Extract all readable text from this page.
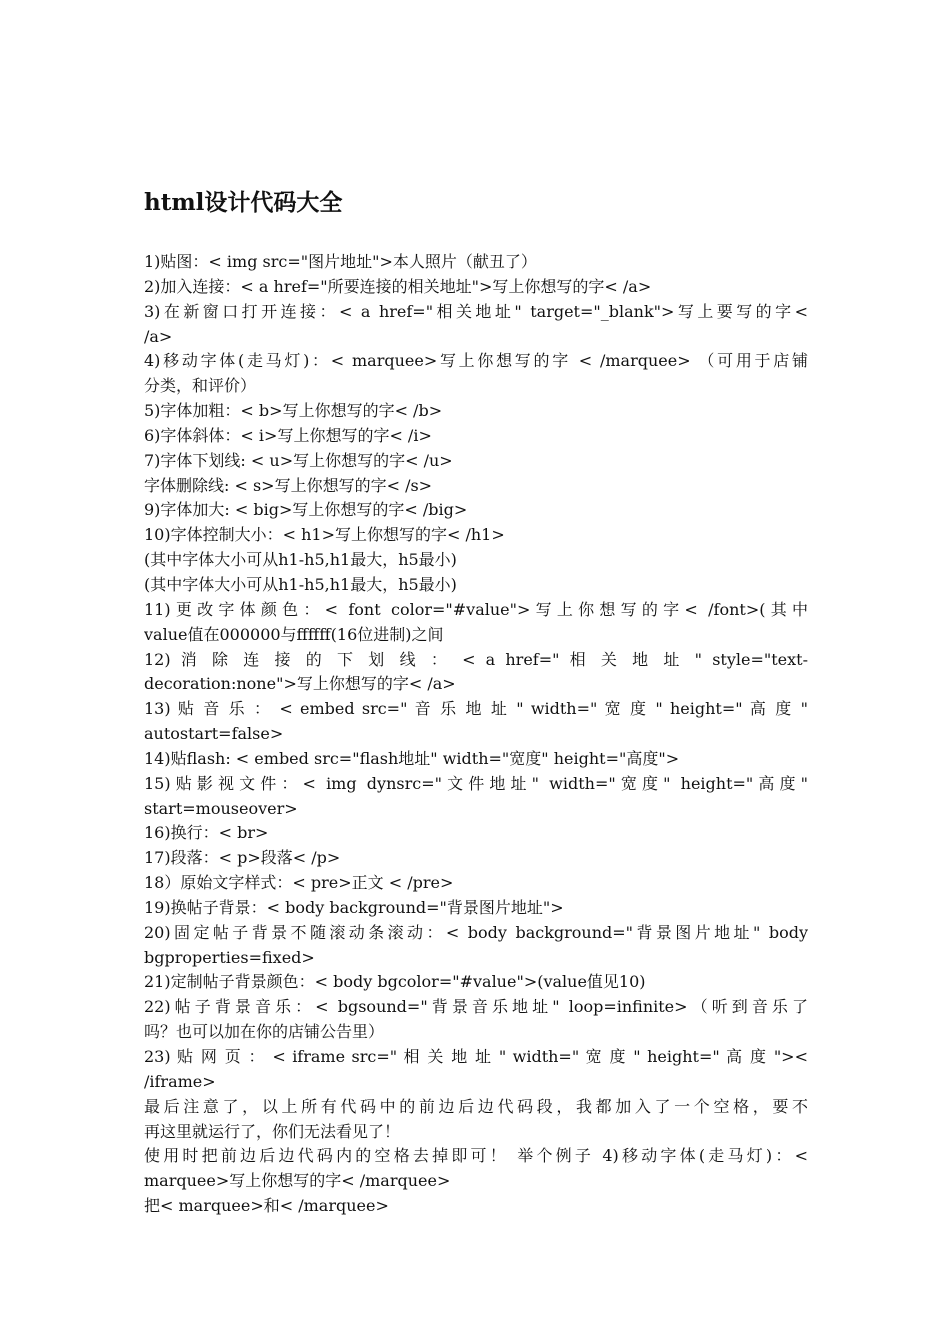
html设计代码大全
1)贴图：< img src="图片地址">本人照片（献丑了）
2)加入连接：< a href="所要连接的相关地址">写上你想写的字< /a>
3)在新窗口打开连接：< a href="相关地址" target="_blank">写上要写的字<
/a>
4)移动字体(走马灯)：< marquee>写上你想写的字 < /marquee> （可用于店铺
分类，和评价）
5)字体加粗：< b>写上你想写的字< /b>
6)字体斜体：< i>写上你想写的字< /i>
7)字体下划线: < u>写上你想写的字< /u>
字体删除线: < s>写上你想写的字< /s>
9)字体加大: < big>写上你想写的字< /big>
10)字体控制大小：< h1>写上你想写的字< /h1>
(其中字体大小可从h1-h5,h1最大，h5最小)
(其中字体大小可从h1-h5,h1最大，h5最小)
11)更改字体颜色：< font color="#value">写上你想写的字< /font>(其中
value值在000000与ffffff(16位进制)之间
12) 消 除 连 接 的 下 划 线 ： < a href=" 相 关 地 址 " style="text-
decoration:none">写上你想写的字< /a>
13) 贴 音 乐 ： < embed src=" 音 乐 地 址 " width=" 宽 度 " height=" 高 度 "
autostart=false>
14)贴flash: < embed src="flash地址" width="宽度" height="高度">
15)贴影视文件：< img dynsrc="文件地址" width="宽度" height="高度"
start=mouseover>
16)换行：< br>
17)段落：< p>段落< /p>
18）原始文字样式：< pre>正文 < /pre>
19)换帖子背景：< body background="背景图片地址">
20)固定帖子背景不随滚动条滚动：< body background="背景图片地址" body
bgproperties=fixed>
21)定制帖子背景颜色：< body bgcolor="#value">(value值见10)
22)帖子背景音乐：< bgsound="背景音乐地址" loop=infinite>（听到音乐了
吗？也可以加在你的店铺公告里）
23) 贴 网 页 ： < iframe src=" 相 关 地 址 " width=" 宽 度 " height=" 高 度 "><
/iframe>
最后注意了，以上所有代码中的前边后边代码段，我都加入了一个空格，要不
再这里就运行了，你们无法看见了！
使用时把前边后边代码内的空格去掉即可！ 举个例子 4)移动字体(走马灯)：<
marquee>写上你想写的字< /marquee>
把< marquee>和< /marquee>
